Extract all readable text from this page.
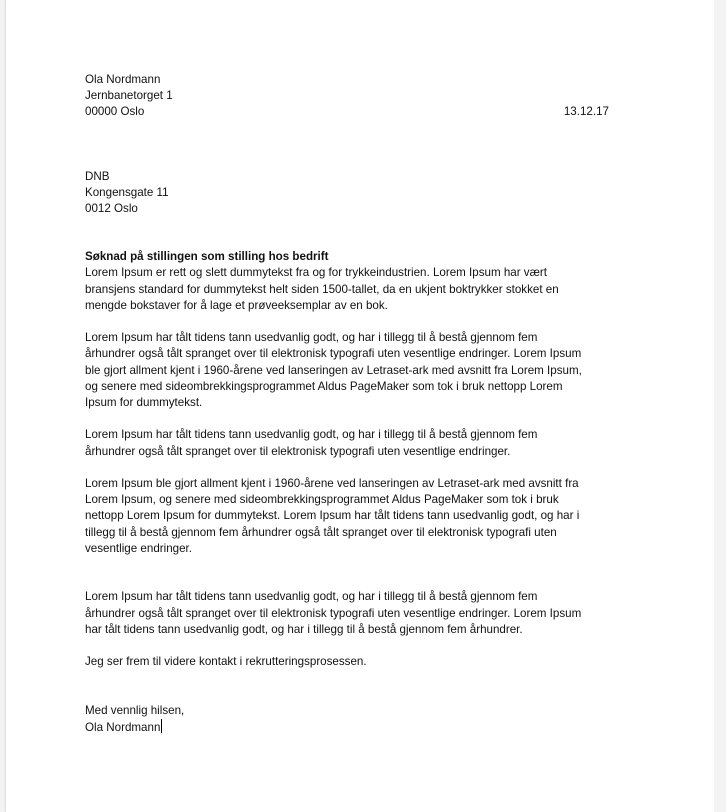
Ola Nordmann
Jernbanetorget 1
00000 Oslo	13.12.17
DNB
Kongensgate 11
0012 Oslo
Søknad på stillingen som stilling hos bedrift
Lorem Ipsum er rett og slett dummytekst fra og for trykkeindustrien. Lorem Ipsum har vært
bransjens standard for dummytekst helt siden 1500-tallet, da en ukjent boktrykker stokket en
mengde bokstaver for å lage et prøveeksemplar av en bok.
Lorem Ipsum har tålt tidens tann usedvanlig godt, og har i tillegg til å bestå gjennom fem
århundrer også tålt spranget over til elektronisk typografi uten vesentlige endringer. Lorem Ipsum
ble gjort allment kjent i 1960-årene ved lanseringen av Letraset-ark med avsnitt fra Lorem Ipsum,
og senere med sideombrekkingsprogrammet Aldus PageMaker som tok i bruk nettopp Lorem
Ipsum for dummytekst.
Lorem Ipsum har tålt tidens tann usedvanlig godt, og har i tillegg til å bestå gjennom fem
århundrer også tålt spranget over til elektronisk typografi uten vesentlige endringer.
Lorem Ipsum ble gjort allment kjent i 1960-årene ved lanseringen av Letraset-ark med avsnitt fra
Lorem Ipsum, og senere med sideombrekkingsprogrammet Aldus PageMaker som tok i bruk
nettopp Lorem Ipsum for dummytekst. Lorem Ipsum har tålt tidens tann usedvanlig godt, og har i
tillegg til å bestå gjennom fem århundrer også tålt spranget over til elektronisk typografi uten
vesentlige endringer.
Lorem Ipsum har tålt tidens tann usedvanlig godt, og har i tillegg til å bestå gjennom fem
århundrer også tålt spranget over til elektronisk typografi uten vesentlige endringer. Lorem Ipsum
har tålt tidens tann usedvanlig godt, og har i tillegg til å bestå gjennom fem århundrer.
Jeg ser frem til videre kontakt i rekrutteringsprosessen.
Med vennlig hilsen,
Ola Nordmann
